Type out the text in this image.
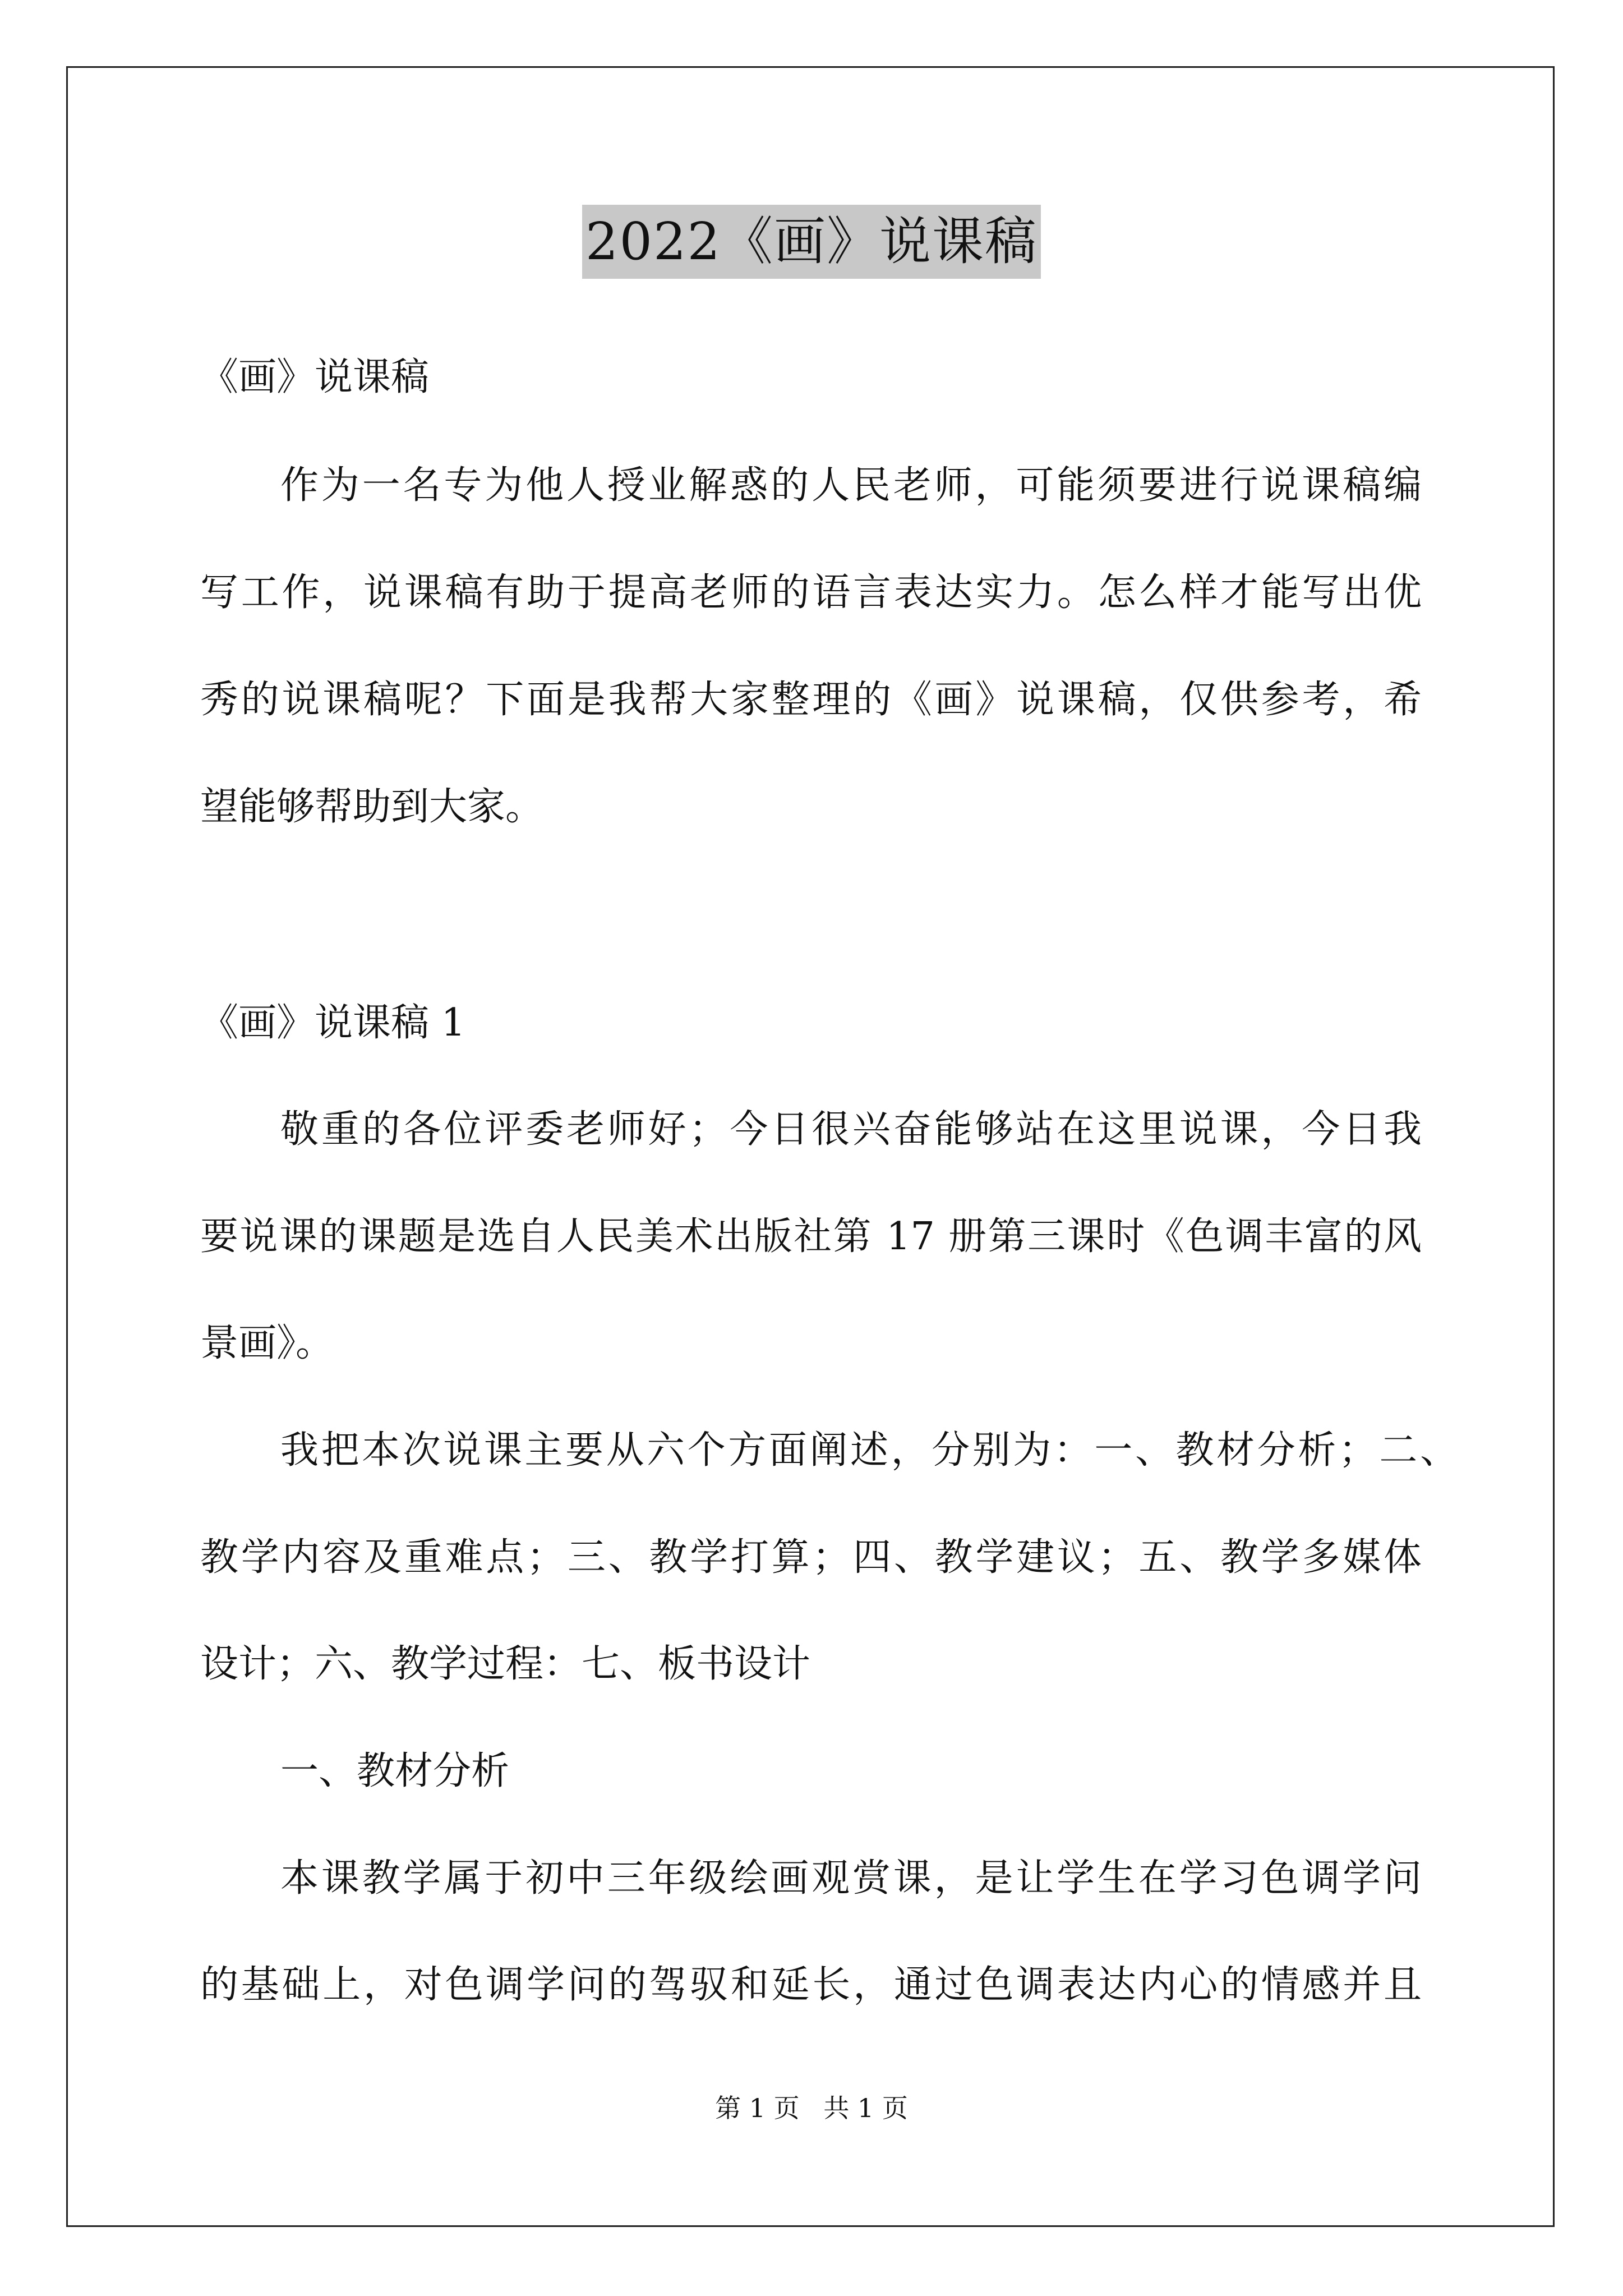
2022《画》说课稿
《画》说课稿
作为一名专为他人授业解惑的人民老师，可能须要进行说课稿编
写工作，说课稿有助于提高老师的语言表达实力。怎么样才能写出优
秀的说课稿呢？下面是我帮大家整理的《画》说课稿，仅供参考，希
望能够帮助到大家。
《画》说课稿 1
敬重的各位评委老师好；今日很兴奋能够站在这里说课，今日我
要说课的课题是选自人民美术出版社第 17 册第三课时《色调丰富的风
景画》。
我把本次说课主要从六个方面阐述，分别为：一、教材分析；二、
教学内容及重难点；三、教学打算；四、教学建议；五、教学多媒体
设计；六、教学过程：七、板书设计
一、教材分析
本课教学属于初中三年级绘画观赏课，是让学生在学习色调学问
的基础上，对色调学问的驾驭和延长，通过色调表达内心的情感并且
第 1 页 共 1 页
